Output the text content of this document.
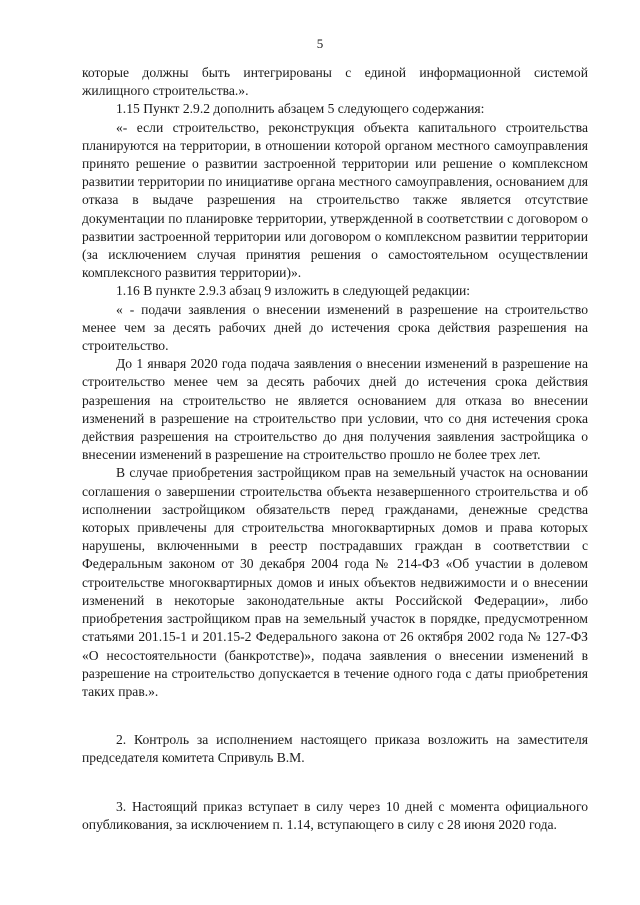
5

которые должны быть интегрированы с единой информационной системой жилищного строительства.».

1.15 Пункт 2.9.2 дополнить абзацем 5 следующего содержания:

«- если строительство, реконструкция объекта капитального строительства планируются на территории, в отношении которой органом местного самоуправления принято решение о развитии застроенной территории или решение о комплексном развитии территории по инициативе органа местного самоуправления, основанием для отказа в выдаче разрешения на строительство также является отсутствие документации по планировке территории, утвержденной в соответствии с договором о развитии застроенной территории или договором о комплексном развитии территории (за исключением случая принятия решения о самостоятельном осуществлении комплексного развития территории)».

1.16 В пункте 2.9.3 абзац 9 изложить в следующей редакции:

« - подачи заявления о внесении изменений в разрешение на строительство менее чем за десять рабочих дней до истечения срока действия разрешения на строительство.

До 1 января 2020 года подача заявления о внесении изменений в разрешение на строительство менее чем за десять рабочих дней до истечения срока действия разрешения на строительство не является основанием для отказа во внесении изменений в разрешение на строительство при условии, что со дня истечения срока действия разрешения на строительство до дня получения заявления застройщика о внесении изменений в разрешение на строительство прошло не более трех лет.

В случае приобретения застройщиком прав на земельный участок на основании соглашения о завершении строительства объекта незавершенного строительства и об исполнении застройщиком обязательств перед гражданами, денежные средства которых привлечены для строительства многоквартирных домов и права которых нарушены, включенными в реестр пострадавших граждан в соответствии с Федеральным законом от 30 декабря 2004 года № 214-ФЗ «Об участии в долевом строительстве многоквартирных домов и иных объектов недвижимости и о внесении изменений в некоторые законодательные акты Российской Федерации», либо приобретения застройщиком прав на земельный участок в порядке, предусмотренном статьями 201.15-1 и 201.15-2 Федерального закона от 26 октября 2002 года № 127-ФЗ «О несостоятельности (банкротстве)», подача заявления о внесении изменений в разрешение на строительство допускается в течение одного года с даты приобретения таких прав.».

2. Контроль за исполнением настоящего приказа возложить на заместителя председателя комитета Спривуль В.М.

3. Настоящий приказ вступает в силу через 10 дней с момента официального опубликования, за исключением п. 1.14, вступающего в силу с 28 июня 2020 года.
